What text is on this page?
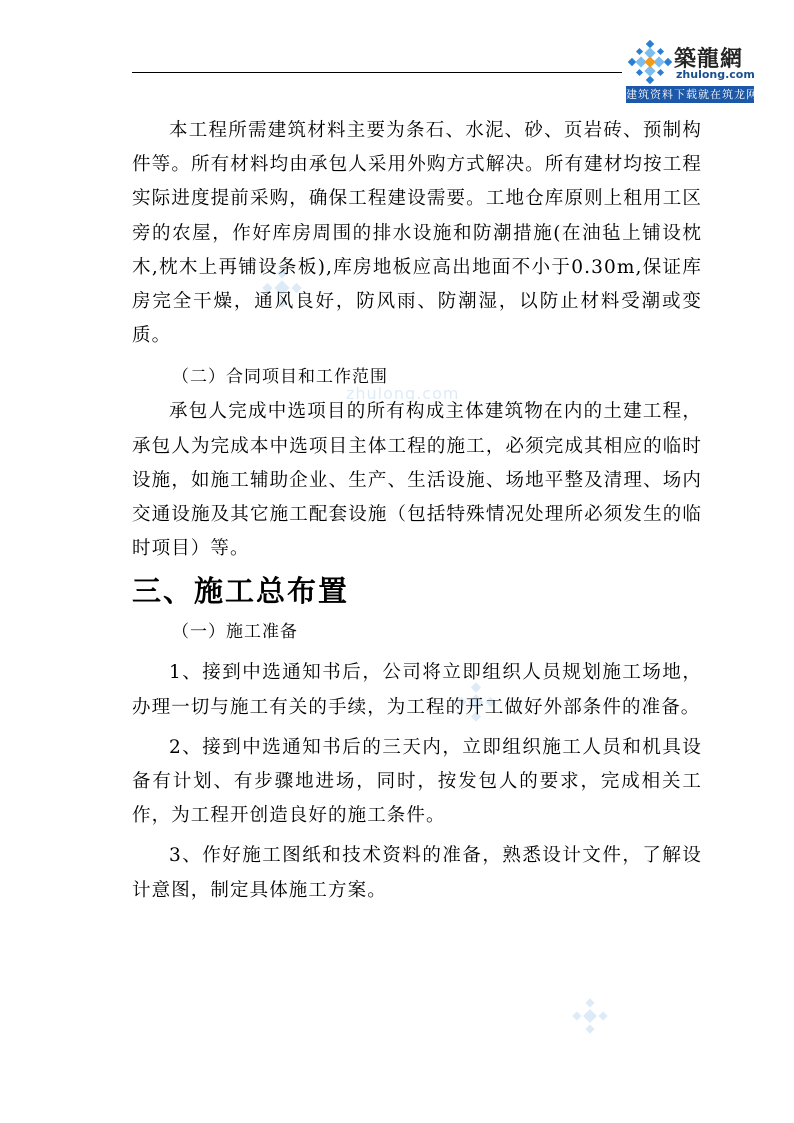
築龍網
zhulong.com
建筑资料下载就在筑龙网
zhulong.com

本工程所需建筑材料主要为条石、水泥、砂、页岩砖、预制构件等。所有材料均由承包人采用外购方式解决。所有建材均按工程实际进度提前采购，确保工程建设需要。工地仓库原则上租用工区旁的农屋，作好库房周围的排水设施和防潮措施(在油毡上铺设枕木,枕木上再铺设条板),库房地板应高出地面不小于0.30m,保证库房完全干燥，通风良好，防风雨、防潮湿，以防止材料受潮或变质。

（二）合同项目和工作范围

承包人完成中选项目的所有构成主体建筑物在内的土建工程，承包人为完成本中选项目主体工程的施工，必须完成其相应的临时设施，如施工辅助企业、生产、生活设施、场地平整及清理、场内交通设施及其它施工配套设施（包括特殊情况处理所必须发生的临时项目）等。

三、施工总布置

（一）施工准备

1、接到中选通知书后，公司将立即组织人员规划施工场地，办理一切与施工有关的手续，为工程的开工做好外部条件的准备。

2、接到中选通知书后的三天内，立即组织施工人员和机具设备有计划、有步骤地进场，同时，按发包人的要求，完成相关工作，为工程开创造良好的施工条件。

3、作好施工图纸和技术资料的准备，熟悉设计文件，了解设计意图，制定具体施工方案。
